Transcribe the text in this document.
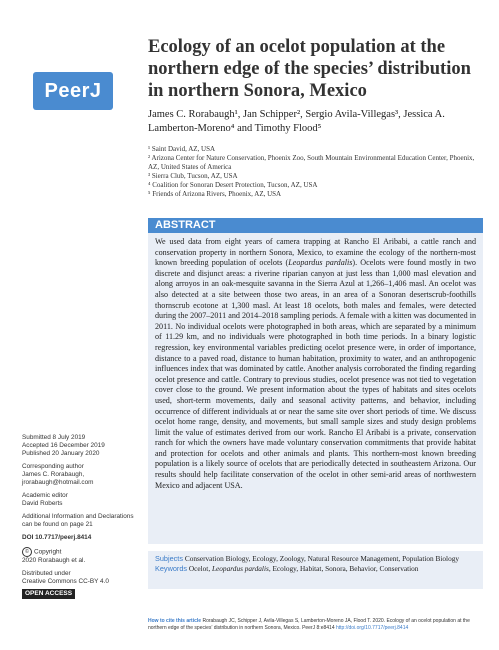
PeerJ
Ecology of an ocelot population at the northern edge of the species’ distribution in northern Sonora, Mexico
James C. Rorabaugh¹, Jan Schipper², Sergio Avila-Villegas³, Jessica A. Lamberton-Moreno⁴ and Timothy Flood⁵
¹ Saint David, AZ, USA
² Arizona Center for Nature Conservation, Phoenix Zoo, South Mountain Environmental Education Center, Phoenix, AZ, United States of America
³ Sierra Club, Tucson, AZ, USA
⁴ Coalition for Sonoran Desert Protection, Tucson, AZ, USA
⁵ Friends of Arizona Rivers, Phoenix, AZ, USA
ABSTRACT
We used data from eight years of camera trapping at Rancho El Aribabi, a cattle ranch and conservation property in northern Sonora, Mexico, to examine the ecology of the northern-most known breeding population of ocelots (Leopardus pardalis). Ocelots were found mostly in two discrete and disjunct areas: a riverine riparian canyon at just less than 1,000 masl elevation and along arroyos in an oak-mesquite savanna in the Sierra Azul at 1,266–1,406 masl. An ocelot was also detected at a site between those two areas, in an area of a Sonoran desertscrub-foothills thornscrub ecotone at 1,300 masl. At least 18 ocelots, both males and females, were detected during the 2007–2011 and 2014–2018 sampling periods. A female with a kitten was documented in 2011. No individual ocelots were photographed in both areas, which are separated by a minimum of 11.29 km, and no individuals were photographed in both time periods. In a binary logistic regression, key environmental variables predicting ocelot presence were, in order of importance, distance to a paved road, distance to human habitation, proximity to water, and an anthropogenic influences index that was dominated by cattle. Another analysis corroborated the finding regarding ocelot presence and cattle. Contrary to previous studies, ocelot presence was not tied to vegetation cover close to the ground. We present information about the types of habitats and sites ocelots used, short-term movements, daily and seasonal activity patterns, and behavior, including occurrence of different individuals at or near the same site over short periods of time. We discuss ocelot home range, density, and movements, but small sample sizes and study design problems limit the value of estimates derived from our work. Rancho El Aribabi is a private, conservation ranch for which the owners have made voluntary conservation commitments that provide habitat and protection for ocelots and other animals and plants. This northern-most known breeding population is a likely source of ocelots that are periodically detected in southeastern Arizona. Our results should help facilitate conservation of the ocelot in other semi-arid areas of northwestern Mexico and adjacent USA.
Subjects Conservation Biology, Ecology, Zoology, Natural Resource Management, Population Biology
Keywords Ocelot, Leopardus pardalis, Ecology, Habitat, Sonora, Behavior, Conservation
Submitted 8 July 2019
Accepted 16 December 2019
Published 20 January 2020
Corresponding author
James C. Rorabaugh,
jrorabaugh@hotmail.com
Academic editor
David Roberts
Additional Information and Declarations can be found on page 21
DOI 10.7717/peerj.8414
© Copyright
2020 Rorabaugh et al.
Distributed under
Creative Commons CC-BY 4.0
OPEN ACCESS
How to cite this article Rorabaugh JC, Schipper J, Avila-Villegas S, Lamberton-Moreno JA, Flood T. 2020. Ecology of an ocelot population at the northern edge of the species’ distribution in northern Sonora, Mexico. PeerJ 8:e8414 http://doi.org/10.7717/peerj.8414
